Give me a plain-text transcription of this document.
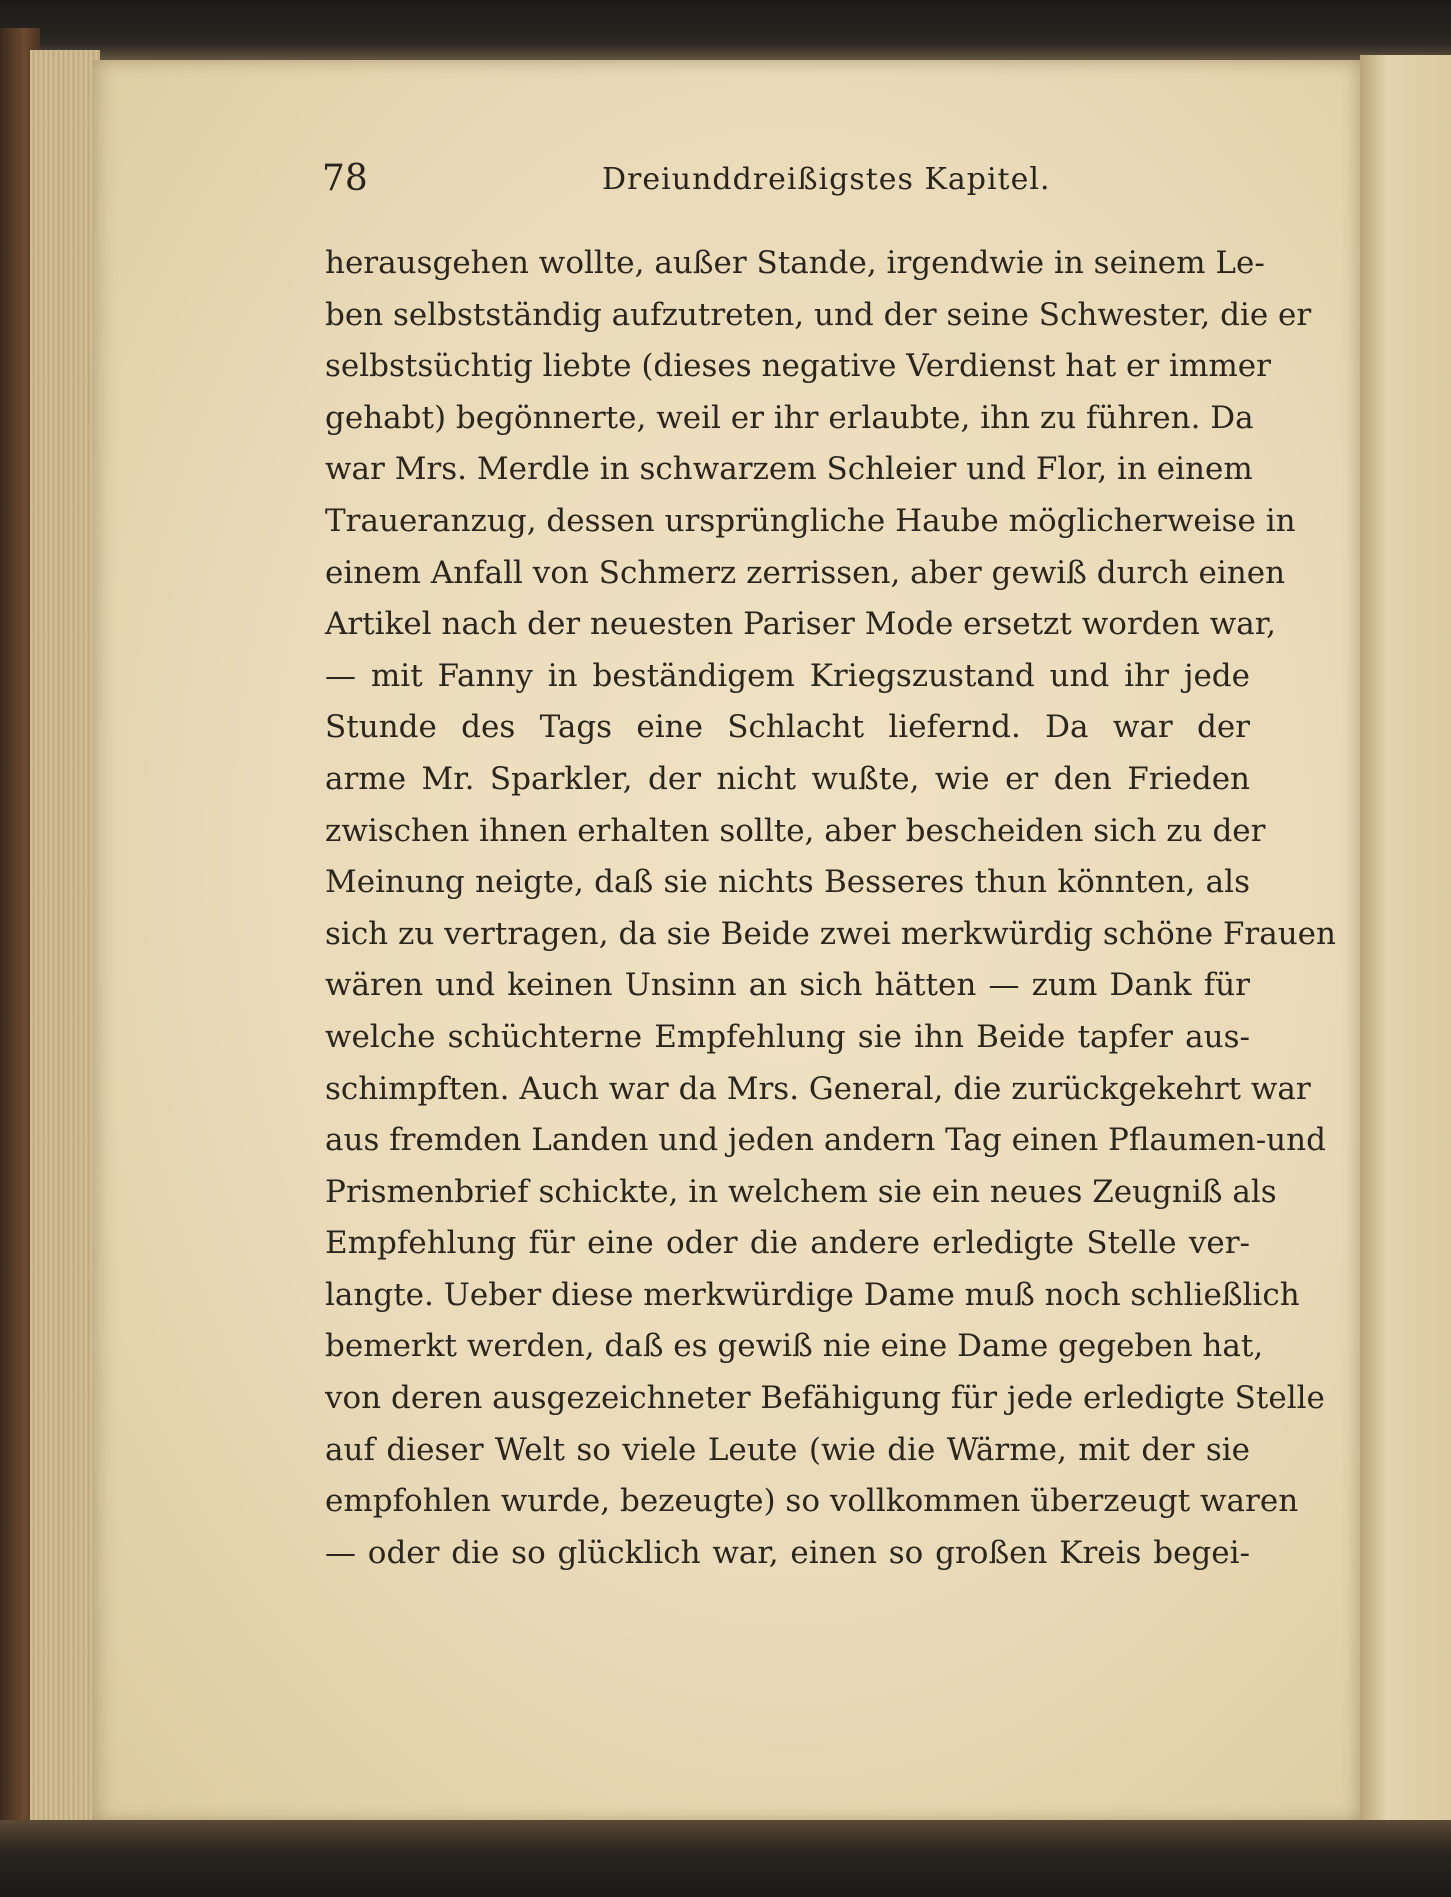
78	Dreiunddreißigstes Kapitel.
herausgehen wollte, außer Stande, irgendwie in seinem Le-
ben selbstständig aufzutreten, und der seine Schwester, die er
selbstsüchtig liebte (dieses negative Verdienst hat er immer
gehabt) begönnerte, weil er ihr erlaubte, ihn zu führen. Da
war Mrs. Merdle in schwarzem Schleier und Flor, in einem
Traueranzug, dessen ursprüngliche Haube möglicherweise in
einem Anfall von Schmerz zerrissen, aber gewiß durch einen
Artikel nach der neuesten Pariser Mode ersetzt worden war,
— mit Fanny in beständigem Kriegszustand und ihr jede
Stunde des Tags eine Schlacht liefernd. Da war der
arme Mr. Sparkler, der nicht wußte, wie er den Frieden
zwischen ihnen erhalten sollte, aber bescheiden sich zu der
Meinung neigte, daß sie nichts Besseres thun könnten, als
sich zu vertragen, da sie Beide zwei merkwürdig schöne Frauen
wären und keinen Unsinn an sich hätten — zum Dank für
welche schüchterne Empfehlung sie ihn Beide tapfer aus-
schimpften. Auch war da Mrs. General, die zurückgekehrt war
aus fremden Landen und jeden andern Tag einen Pflaumen-und
Prismenbrief schickte, in welchem sie ein neues Zeugniß als
Empfehlung für eine oder die andere erledigte Stelle ver-
langte. Ueber diese merkwürdige Dame muß noch schließlich
bemerkt werden, daß es gewiß nie eine Dame gegeben hat,
von deren ausgezeichneter Befähigung für jede erledigte Stelle
auf dieser Welt so viele Leute (wie die Wärme, mit der sie
empfohlen wurde, bezeugte) so vollkommen überzeugt waren
— oder die so glücklich war, einen so großen Kreis begei-
